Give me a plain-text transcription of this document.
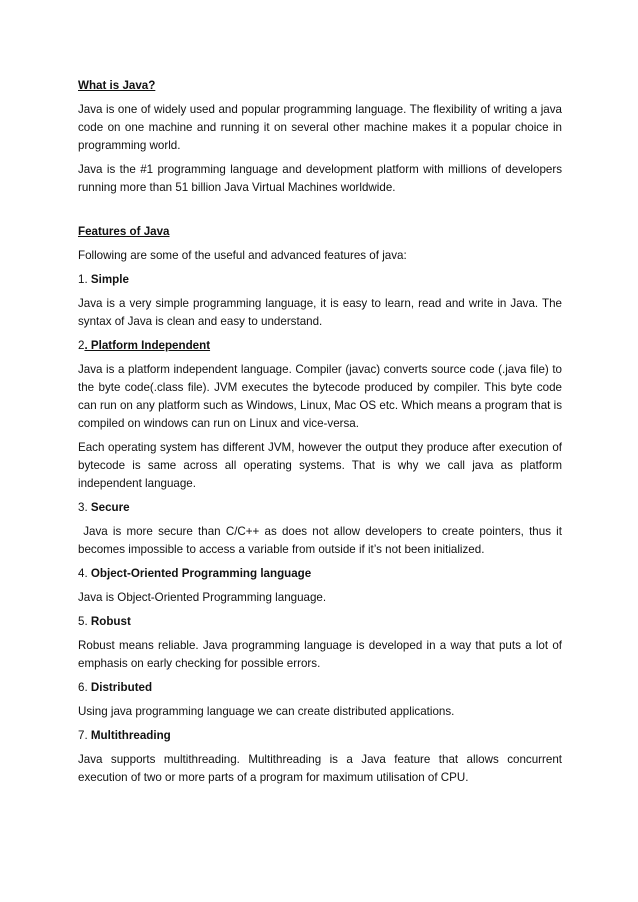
What is Java?

Java is one of widely used and popular programming language. The flexibility of writing a java code on one machine and running it on several other machine makes it a popular choice in programming world.

Java is the #1 programming language and development platform with millions of developers running more than 51 billion Java Virtual Machines worldwide.

Features of Java

Following are some of the useful and advanced features of java:

1. Simple

Java is a very simple programming language, it is easy to learn, read and write in Java. The syntax of Java is clean and easy to understand.

2. Platform Independent

Java is a platform independent language. Compiler (javac) converts source code (.java file) to the byte code(.class file). JVM executes the bytecode produced by compiler. This byte code can run on any platform such as Windows, Linux, Mac OS etc. Which means a program that is compiled on windows can run on Linux and vice-versa.

Each operating system has different JVM, however the output they produce after execution of bytecode is same across all operating systems. That is why we call java as platform independent language.

3. Secure

Java is more secure than C/C++ as does not allow developers to create pointers, thus it becomes impossible to access a variable from outside if it’s not been initialized.

4. Object-Oriented Programming language

Java is Object-Oriented Programming language.

5. Robust

Robust means reliable. Java programming language is developed in a way that puts a lot of emphasis on early checking for possible errors.

6. Distributed

Using java programming language we can create distributed applications.

7. Multithreading

Java supports multithreading. Multithreading is a Java feature that allows concurrent execution of two or more parts of a program for maximum utilisation of CPU.
